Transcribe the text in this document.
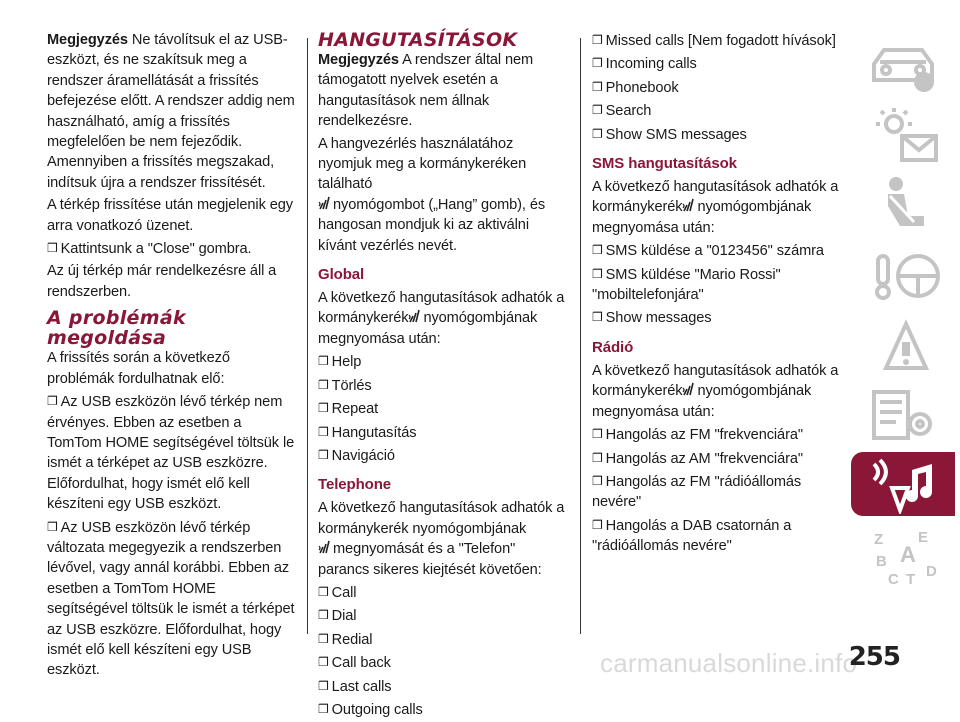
Megjegyzés Ne távolítsuk el az USB-eszközt, és ne szakítsuk meg a rendszer áramellátását a frissítés befejezése előtt. A rendszer addig nem használható, amíg a frissítés megfelelően be nem fejeződik. Amennyiben a frissítés megszakad, indítsuk újra a rendszer frissítését.

A térkép frissítése után megjelenik egy arra vonatkozó üzenet.

❒ Kattintsunk a "Close" gombra.

Az új térkép már rendelkezésre áll a rendszerben.

A problémák megoldása

A frissítés során a következő problémák fordulhatnak elő:

❒ Az USB eszközön lévő térkép nem érvényes. Ebben az esetben a TomTom HOME segítségével töltsük le ismét a térképet az USB eszközre. Előfordulhat, hogy ismét elő kell készíteni egy USB eszközt.

❒ Az USB eszközön lévő térkép változata megegyezik a rendszerben lévővel, vagy annál korábbi. Ebben az esetben a TomTom HOME segítségével töltsük le ismét a térképet az USB eszközre. Előfordulhat, hogy ismét elő kell készíteni egy USB eszközt.

HANGUTASÍTÁSOK

Megjegyzés A rendszer által nem támogatott nyelvek esetén a hangutasítások nem állnak rendelkezésre.

A hangvezérlés használatához nyomjuk meg a kormánykeréken található
nyomógombot („Hang” gomb), és hangosan mondjuk ki az aktiválni kívánt vezérlés nevét.

Global

A következő hangutasítások adhatók a kormánykerék nyomógombjának megnyomása után:

❒ Help

❒ Törlés

❒ Repeat

❒ Hangutasítás

❒ Navigáció

Telephone

A következő hangutasítások adhatók a kormánykerék nyomógombjának
megnyomását és a "Telefon" parancs sikeres kiejtését követően:

❒ Call

❒ Dial

❒ Redial

❒ Call back

❒ Last calls

❒ Outgoing calls

❒ Missed calls [Nem fogadott hívások]

❒ Incoming calls

❒ Phonebook

❒ Search

❒ Show SMS messages

SMS hangutasítások

A következő hangutasítások adhatók a kormánykerék nyomógombjának megnyomása után:

❒ SMS küldése a "0123456" számra

❒ SMS küldése "Mario Rossi" "mobiltelefonjára"

❒ Show messages

Rádió

A következő hangutasítások adhatók a kormánykerék nyomógombjának megnyomása után:

❒ Hangolás az FM "frekvenciára"

❒ Hangolás az AM "frekvenciára"

❒ Hangolás az FM "rádióállomás nevére"

❒ Hangolás a DAB csatornán a "rádióállomás nevére"	Z E
B A
C T D
carmanualsonline.info
255
